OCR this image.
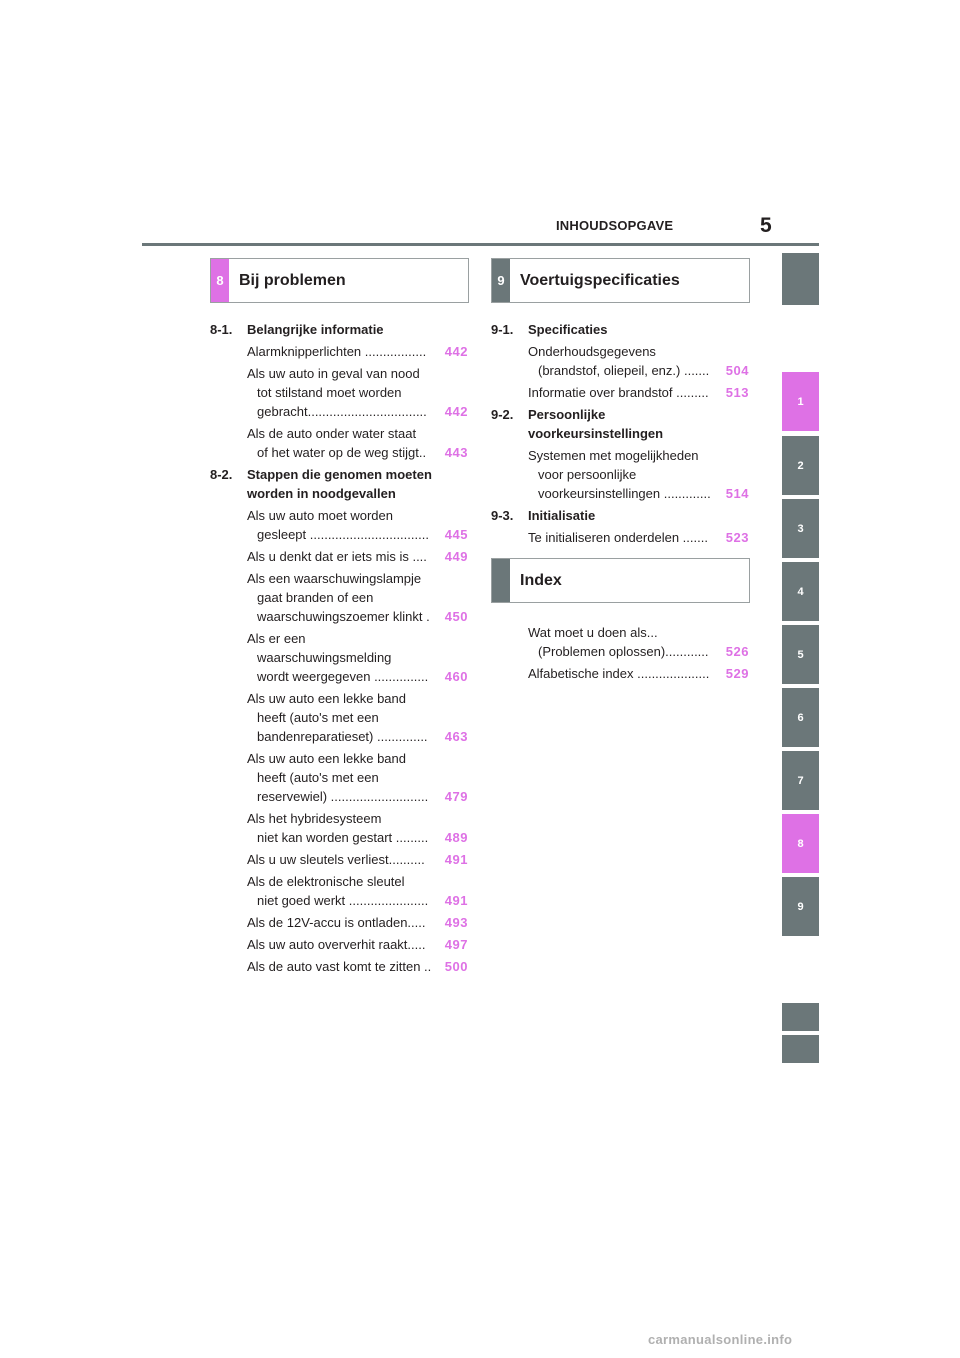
INHOUDSOPGAVE	5
8 Bij problemen	9 Voertuigspecificaties
Index
8-1.	Belangrijke informatie
Alarmknipperlichten .................	442
Als uw auto in geval van nood
tot stilstand moet worden
gebracht.................................	442
Als de auto onder water staat
of het water op de weg stijgt..	443
8-2.	Stappen die genomen moeten
worden in noodgevallen
Als uw auto moet worden
gesleept .................................	445
Als u denkt dat er iets mis is ....	449
Als een waarschuwingslampje
gaat branden of een
waarschuwingszoemer klinkt .	450
Als er een
waarschuwingsmelding
wordt weergegeven ...............	460
Als uw auto een lekke band
heeft (auto's met een
bandenreparatieset) ..............	463
Als uw auto een lekke band
heeft (auto's met een
reservewiel) ...........................	479
Als het hybridesysteem
niet kan worden gestart .........	489
Als u uw sleutels verliest..........	491
Als de elektronische sleutel
niet goed werkt ......................	491
Als de 12V-accu is ontladen.....	493
Als uw auto oververhit raakt.....	497
Als de auto vast komt te zitten ..	500
9-1.	Specificaties
Onderhoudsgegevens
(brandstof, oliepeil, enz.) .......	504
Informatie over brandstof .........	513
9-2.	Persoonlijke
voorkeursinstellingen
Systemen met mogelijkheden
voor persoonlijke
voorkeursinstellingen .............	514
9-3.	Initialisatie
Te initialiseren onderdelen .......	523
Wat moet u doen als...
(Problemen oplossen)............	526
Alfabetische index ....................	529
1
2
3
4
5
6
7
8
9
carmanualsonline.info
